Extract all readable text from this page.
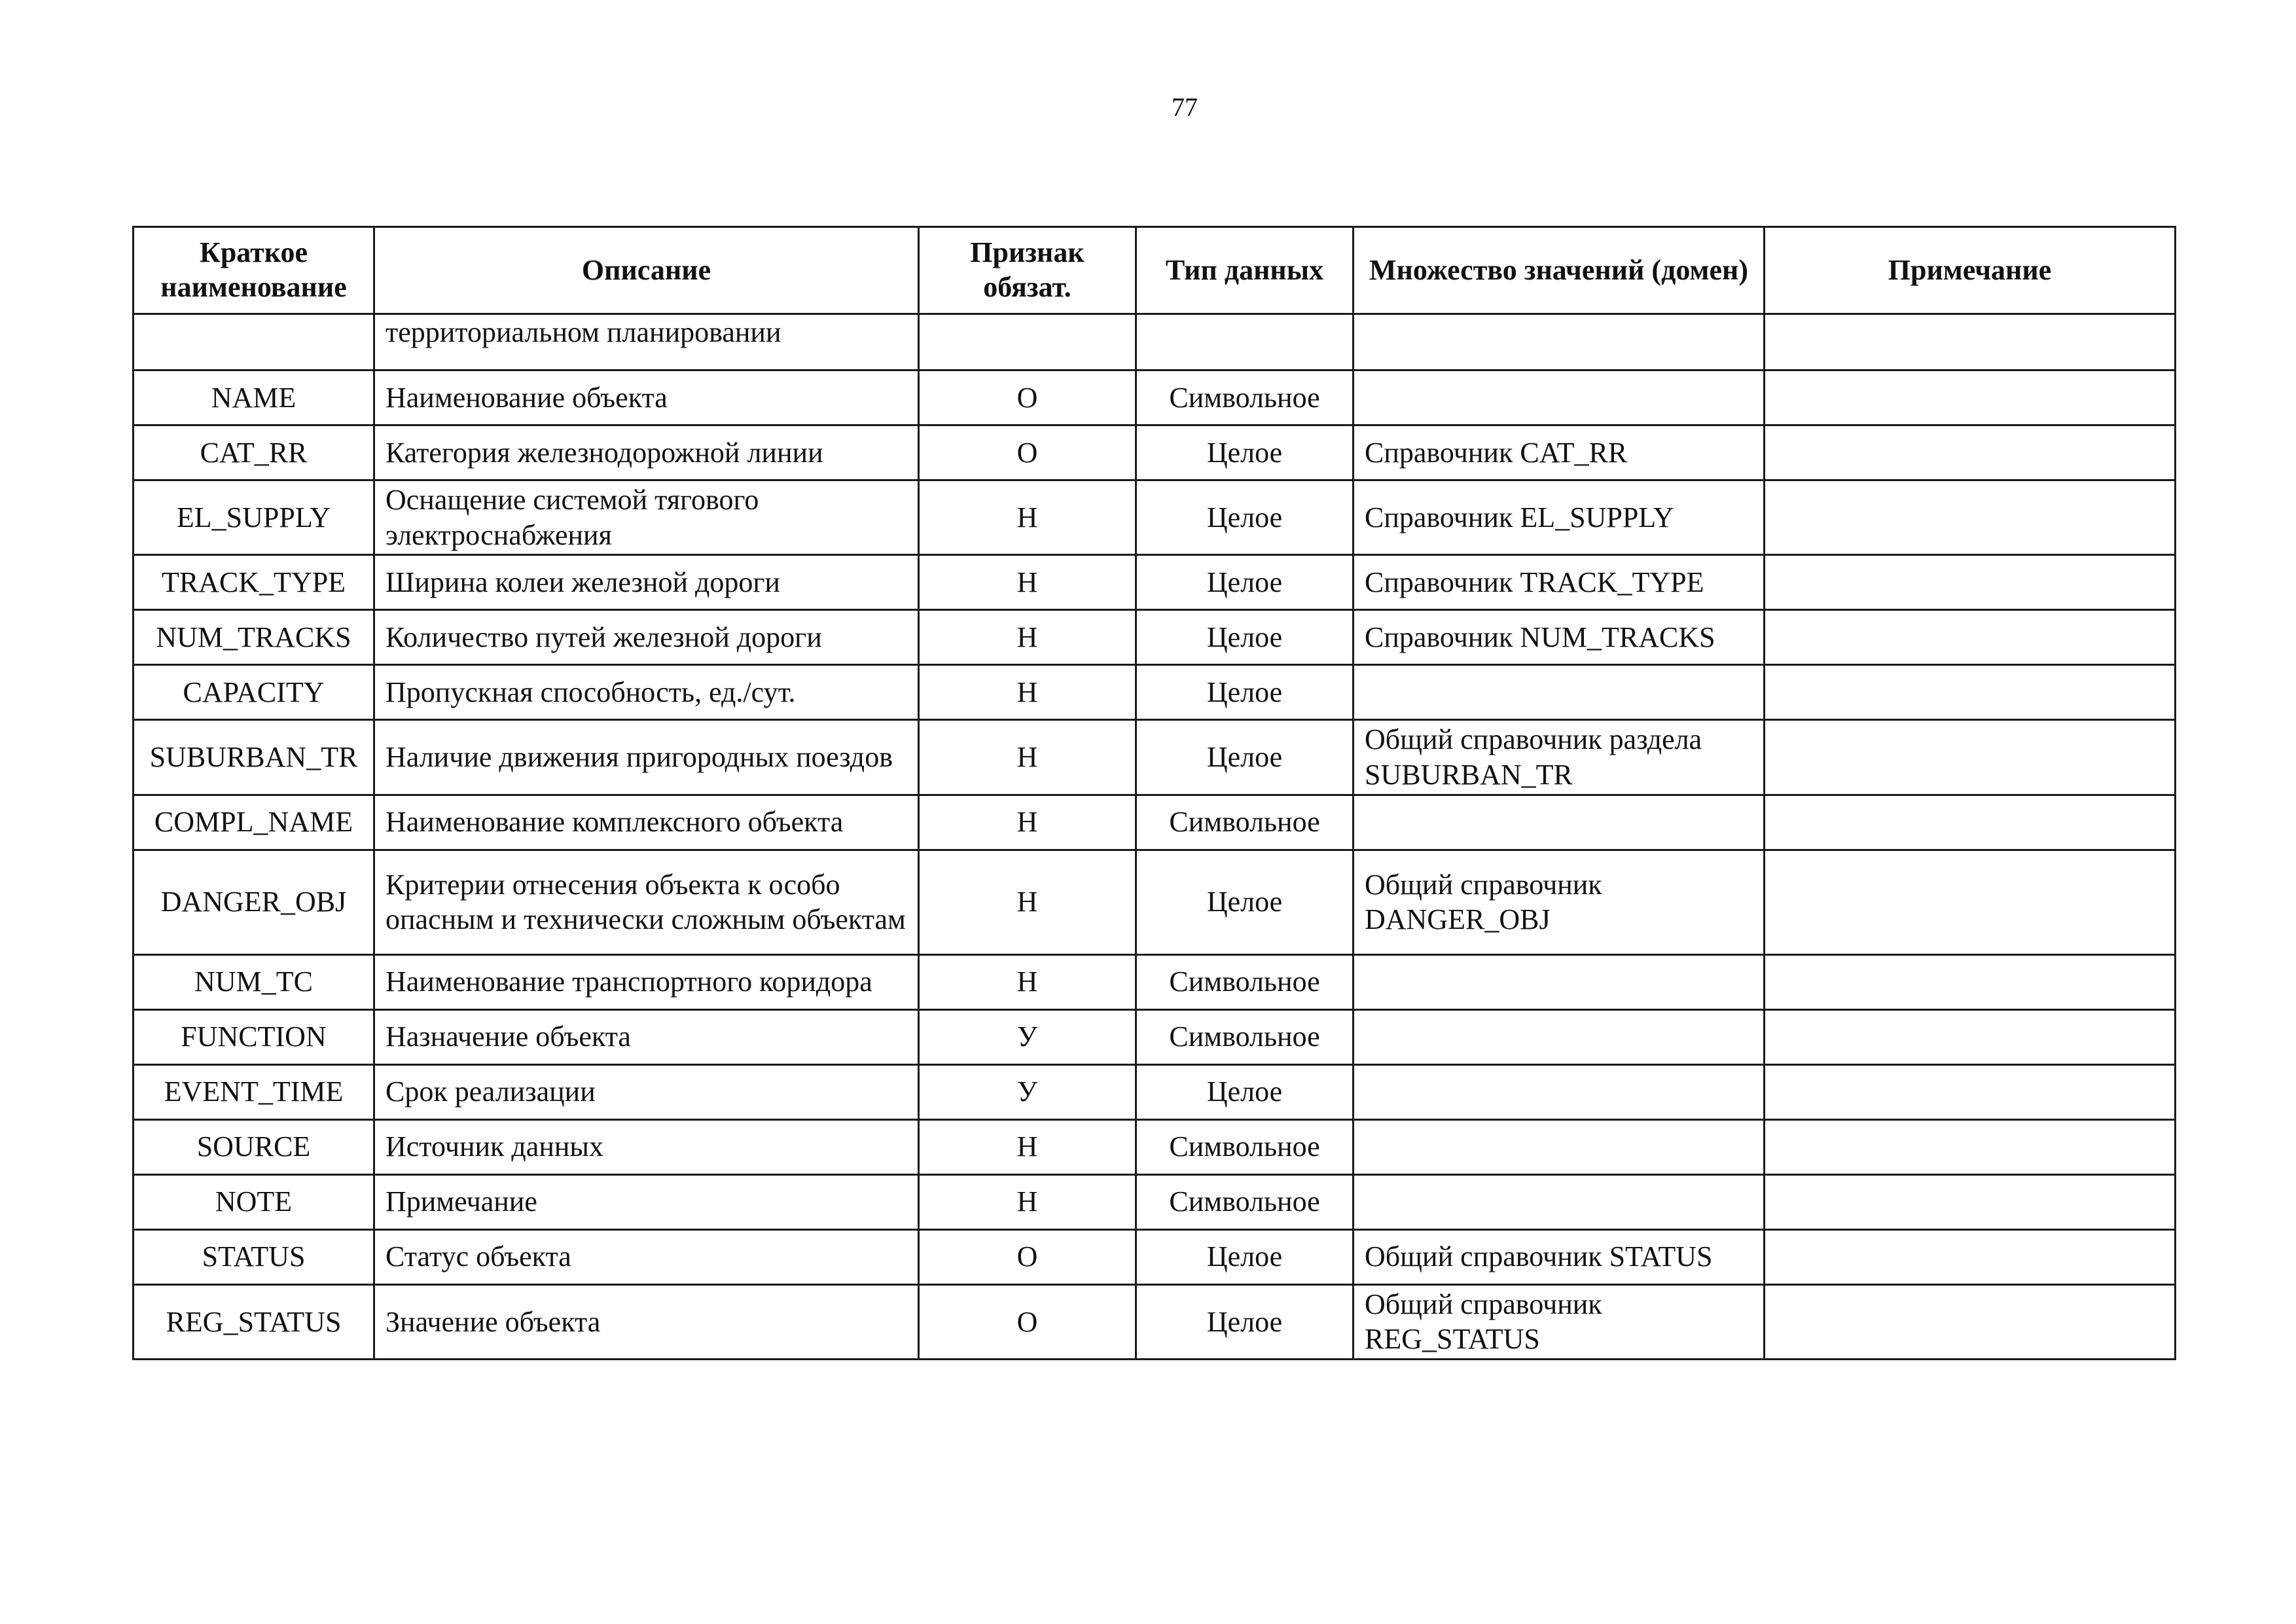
77
Краткое наименование	Описание	Признак обязат.	Тип данных	Множество значений (домен)	Примечание
	территориальном планировании				
NAME	Наименование объекта	О	Символьное		
CAT_RR	Категория железнодорожной линии	О	Целое	Справочник CAT_RR	
EL_SUPPLY	Оснащение системой тягового электроснабжения	Н	Целое	Справочник EL_SUPPLY	
TRACK_TYPE	Ширина колеи железной дороги	Н	Целое	Справочник TRACK_TYPE	
NUM_TRACKS	Количество путей железной дороги	Н	Целое	Справочник NUM_TRACKS	
CAPACITY	Пропускная способность, ед./сут.	Н	Целое		
SUBURBAN_TR	Наличие движения пригородных поездов	Н	Целое	Общий справочник раздела SUBURBAN_TR	
COMPL_NAME	Наименование комплексного объекта	Н	Символьное		
DANGER_OBJ	Критерии отнесения объекта к особо опасным и технически сложным объектам	Н	Целое	Общий справочник DANGER_OBJ	
NUM_TC	Наименование транспортного коридора	Н	Символьное		
FUNCTION	Назначение объекта	У	Символьное		
EVENT_TIME	Срок реализации	У	Целое		
SOURCE	Источник данных	Н	Символьное		
NOTE	Примечание	Н	Символьное		
STATUS	Статус объекта	О	Целое	Общий справочник STATUS	
REG_STATUS	Значение объекта	О	Целое	Общий справочник REG_STATUS	
